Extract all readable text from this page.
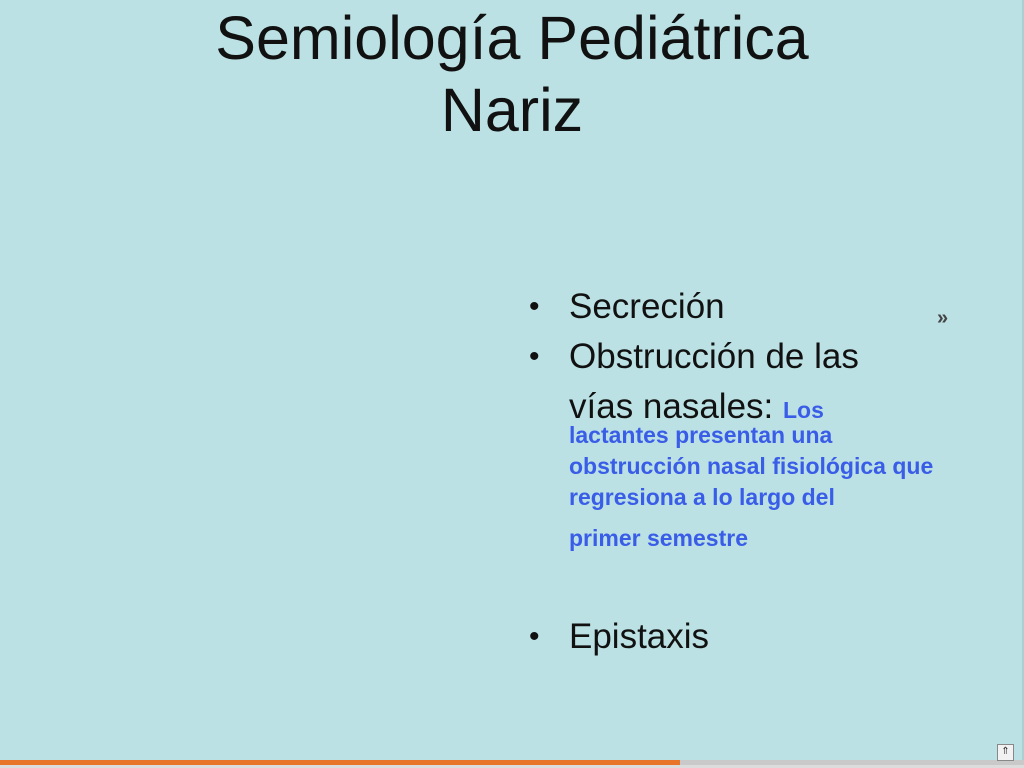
Semiología Pediátrica
Nariz
• Secreción
• Obstrucción de las
vías nasales: Los
lactantes presentan una obstrucción nasal fisiológica que regresiona a lo largo del
primer semestre
• Epistaxis
»
⇑
